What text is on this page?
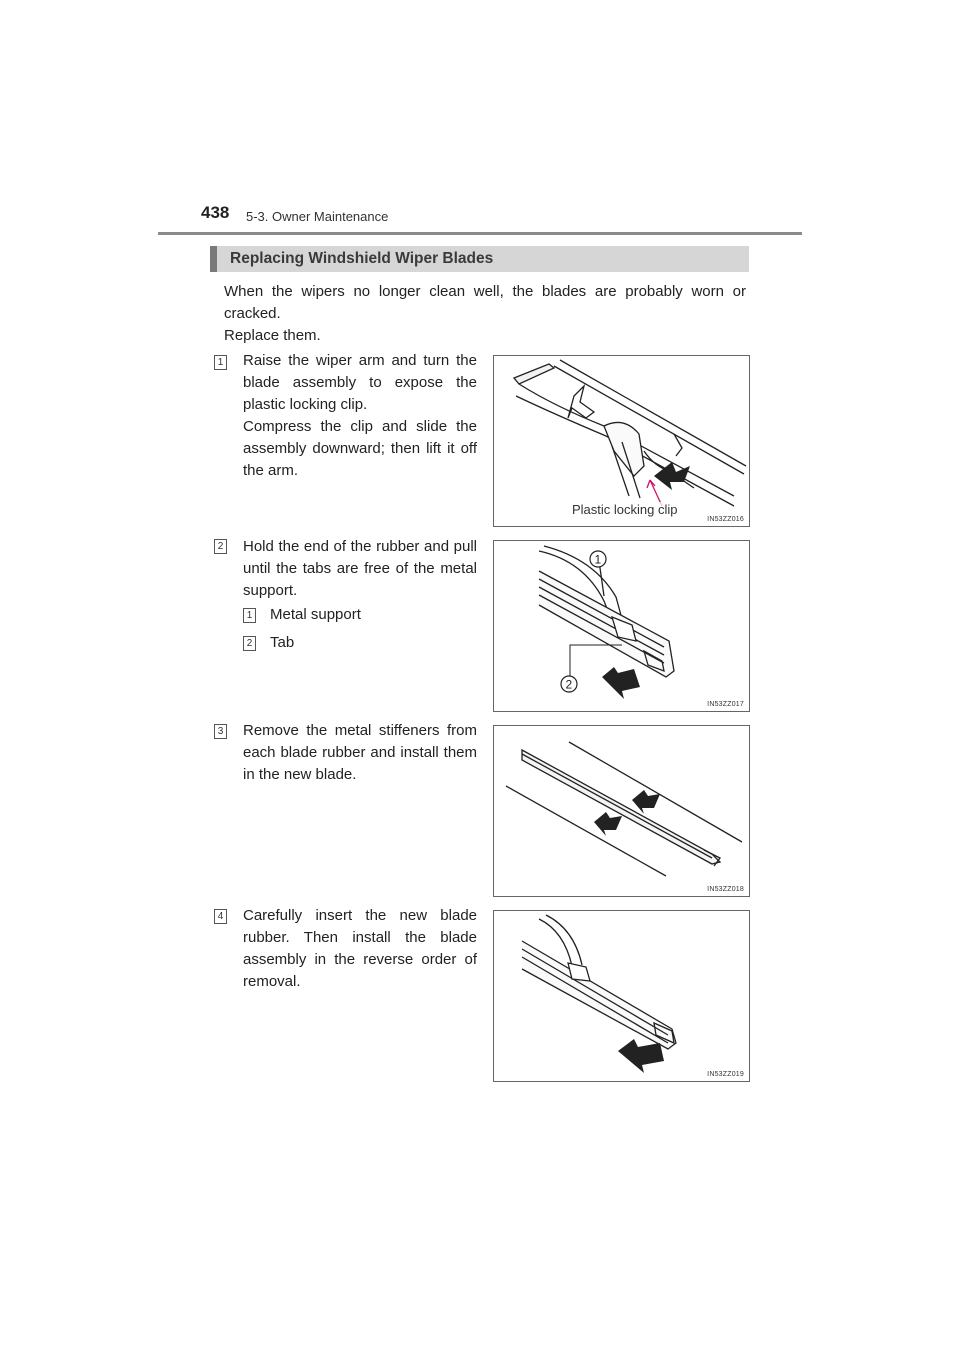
438 5-3. Owner Maintenance
Replacing Windshield Wiper Blades

When the wipers no longer clean well, the blades are probably worn or cracked.

Replace them.

1 Raise the wiper arm and turn the blade assembly to expose the plastic locking clip.

Compress the clip and slide the assembly downward; then lift it off the arm.

Plastic locking clip
IN53ZZ016
2 Hold the end of the rubber and pull until the tabs are free of the metal support.

1 Metal support
2 Tab
1
2
IN53ZZ017
3 Remove the metal stiffeners from each blade rubber and install them in the new blade.

IN53ZZ018
4 Carefully insert the new blade rubber. Then install the blade assembly in the reverse order of removal.

IN53ZZ019
